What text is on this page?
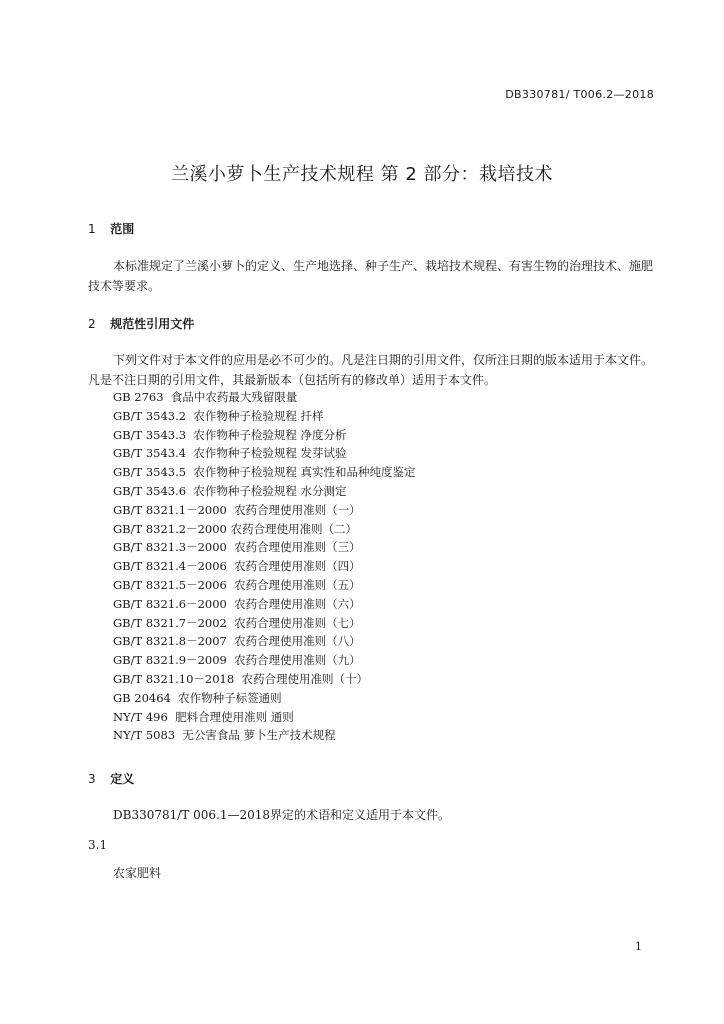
DB330781/ T006.2—2018
兰溪小萝卜生产技术规程 第 2 部分：栽培技术
1 范围
本标准规定了兰溪小萝卜的定义、生产地选择、种子生产、栽培技术规程、有害生物的治理技术、施肥技术等要求。
2 规范性引用文件
下列文件对于本文件的应用是必不可少的。凡是注日期的引用文件，仅所注日期的版本适用于本文件。凡是不注日期的引用文件，其最新版本（包括所有的修改单）适用于本文件。
GB 2763  食品中农药最大残留限量
GB/T 3543.2  农作物种子检验规程 扦样
GB/T 3543.3  农作物种子检验规程 净度分析
GB/T 3543.4  农作物种子检验规程 发芽试验
GB/T 3543.5  农作物种子检验规程 真实性和品种纯度鉴定
GB/T 3543.6  农作物种子检验规程 水分测定
GB/T 8321.1－2000  农药合理使用准则（一）
GB/T 8321.2－2000 农药合理使用准则（二）
GB/T 8321.3－2000  农药合理使用准则（三）
GB/T 8321.4－2006  农药合理使用准则（四）
GB/T 8321.5－2006  农药合理使用准则（五）
GB/T 8321.6－2000  农药合理使用准则（六）
GB/T 8321.7－2002  农药合理使用准则（七）
GB/T 8321.8－2007  农药合理使用准则（八）
GB/T 8321.9－2009  农药合理使用准则（九）
GB/T 8321.10－2018  农药合理使用准则（十）
GB 20464  农作物种子标签通则
NY/T 496  肥料合理使用准则 通则
NY/T 5083  无公害食品 萝卜生产技术规程
3 定义
DB330781/T 006.1—2018界定的术语和定义适用于本文件。
3.1
农家肥料
1
